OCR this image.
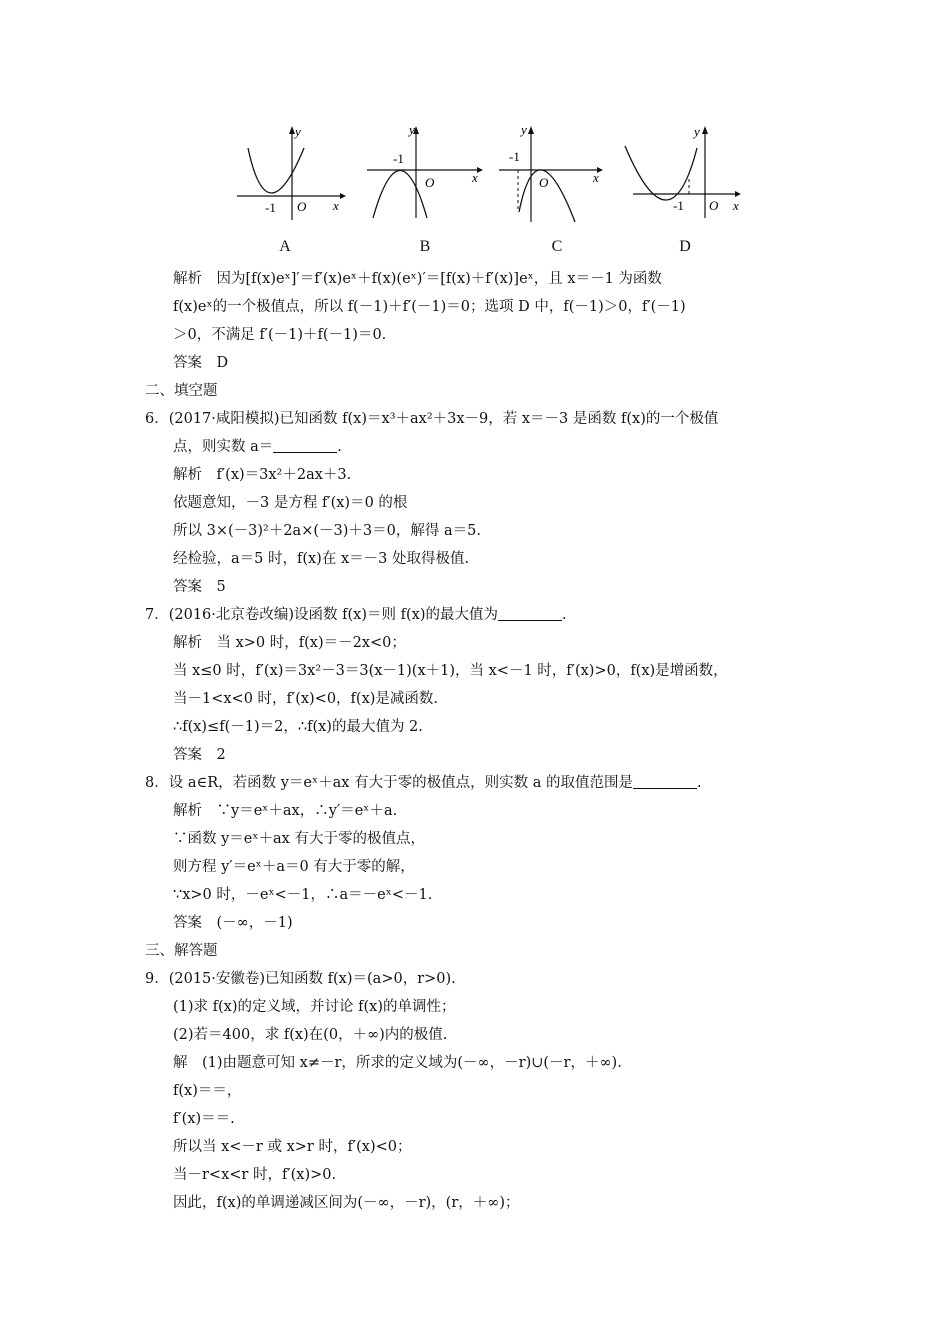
y
x
O
-1
A
y
x
O
-1
B
y
x
O
-1
C
y
x
O
-1
D
解析　因为[f(x)eˣ]′＝f′(x)eˣ＋f(x)(eˣ)′＝[f(x)＋f′(x)]eˣ，且 x＝－1 为函数
f(x)eˣ的一个极值点，所以 f(－1)＋f′(－1)＝0；选项 D 中，f(－1)＞0，f′(－1)
＞0，不满足 f′(－1)＋f(－1)＝0.
答案　D
二、填空题
6．(2017·咸阳模拟)已知函数 f(x)＝x³＋ax²＋3x－9，若 x＝－3 是函数 f(x)的一个极值
点，则实数 a＝	.
解析　f′(x)＝3x²＋2ax＋3.
依题意知，－3 是方程 f′(x)＝0 的根
所以 3×(－3)²＋2a×(－3)＋3＝0，解得 a＝5.
经检验，a＝5 时，f(x)在 x＝－3 处取得极值.
答案　5
7．(2016·北京卷改编)设函数 f(x)＝则 f(x)的最大值为	.
解析　当 x>0 时，f(x)＝－2x<0；
当 x≤0 时，f′(x)＝3x²－3＝3(x－1)(x＋1)，当 x<－1 时，f′(x)>0，f(x)是增函数，
当－1<x<0 时，f′(x)<0，f(x)是减函数.
∴f(x)≤f(－1)＝2，∴f(x)的最大值为 2.
答案　2
8．设 a∈R，若函数 y＝eˣ＋ax 有大于零的极值点，则实数 a 的取值范围是	.
解析　∵y＝eˣ＋ax，∴y′＝eˣ＋a.
∵函数 y＝eˣ＋ax 有大于零的极值点，
则方程 y′＝eˣ＋a＝0 有大于零的解，
∵x>0 时，－eˣ<－1，∴a＝－eˣ<－1.
答案　(－∞，－1)
三、解答题
9．(2015·安徽卷)已知函数 f(x)＝(a>0，r>0).
(1)求 f(x)的定义域，并讨论 f(x)的单调性；
(2)若＝400，求 f(x)在(0，＋∞)内的极值.
解　(1)由题意可知 x≠－r，所求的定义域为(－∞，－r)∪(－r，＋∞).
f(x)＝＝，
f′(x)＝＝.
所以当 x<－r 或 x>r 时，f′(x)<0；
当－r<x<r 时，f′(x)>0.
因此，f(x)的单调递减区间为(－∞，－r)，(r，＋∞)；
